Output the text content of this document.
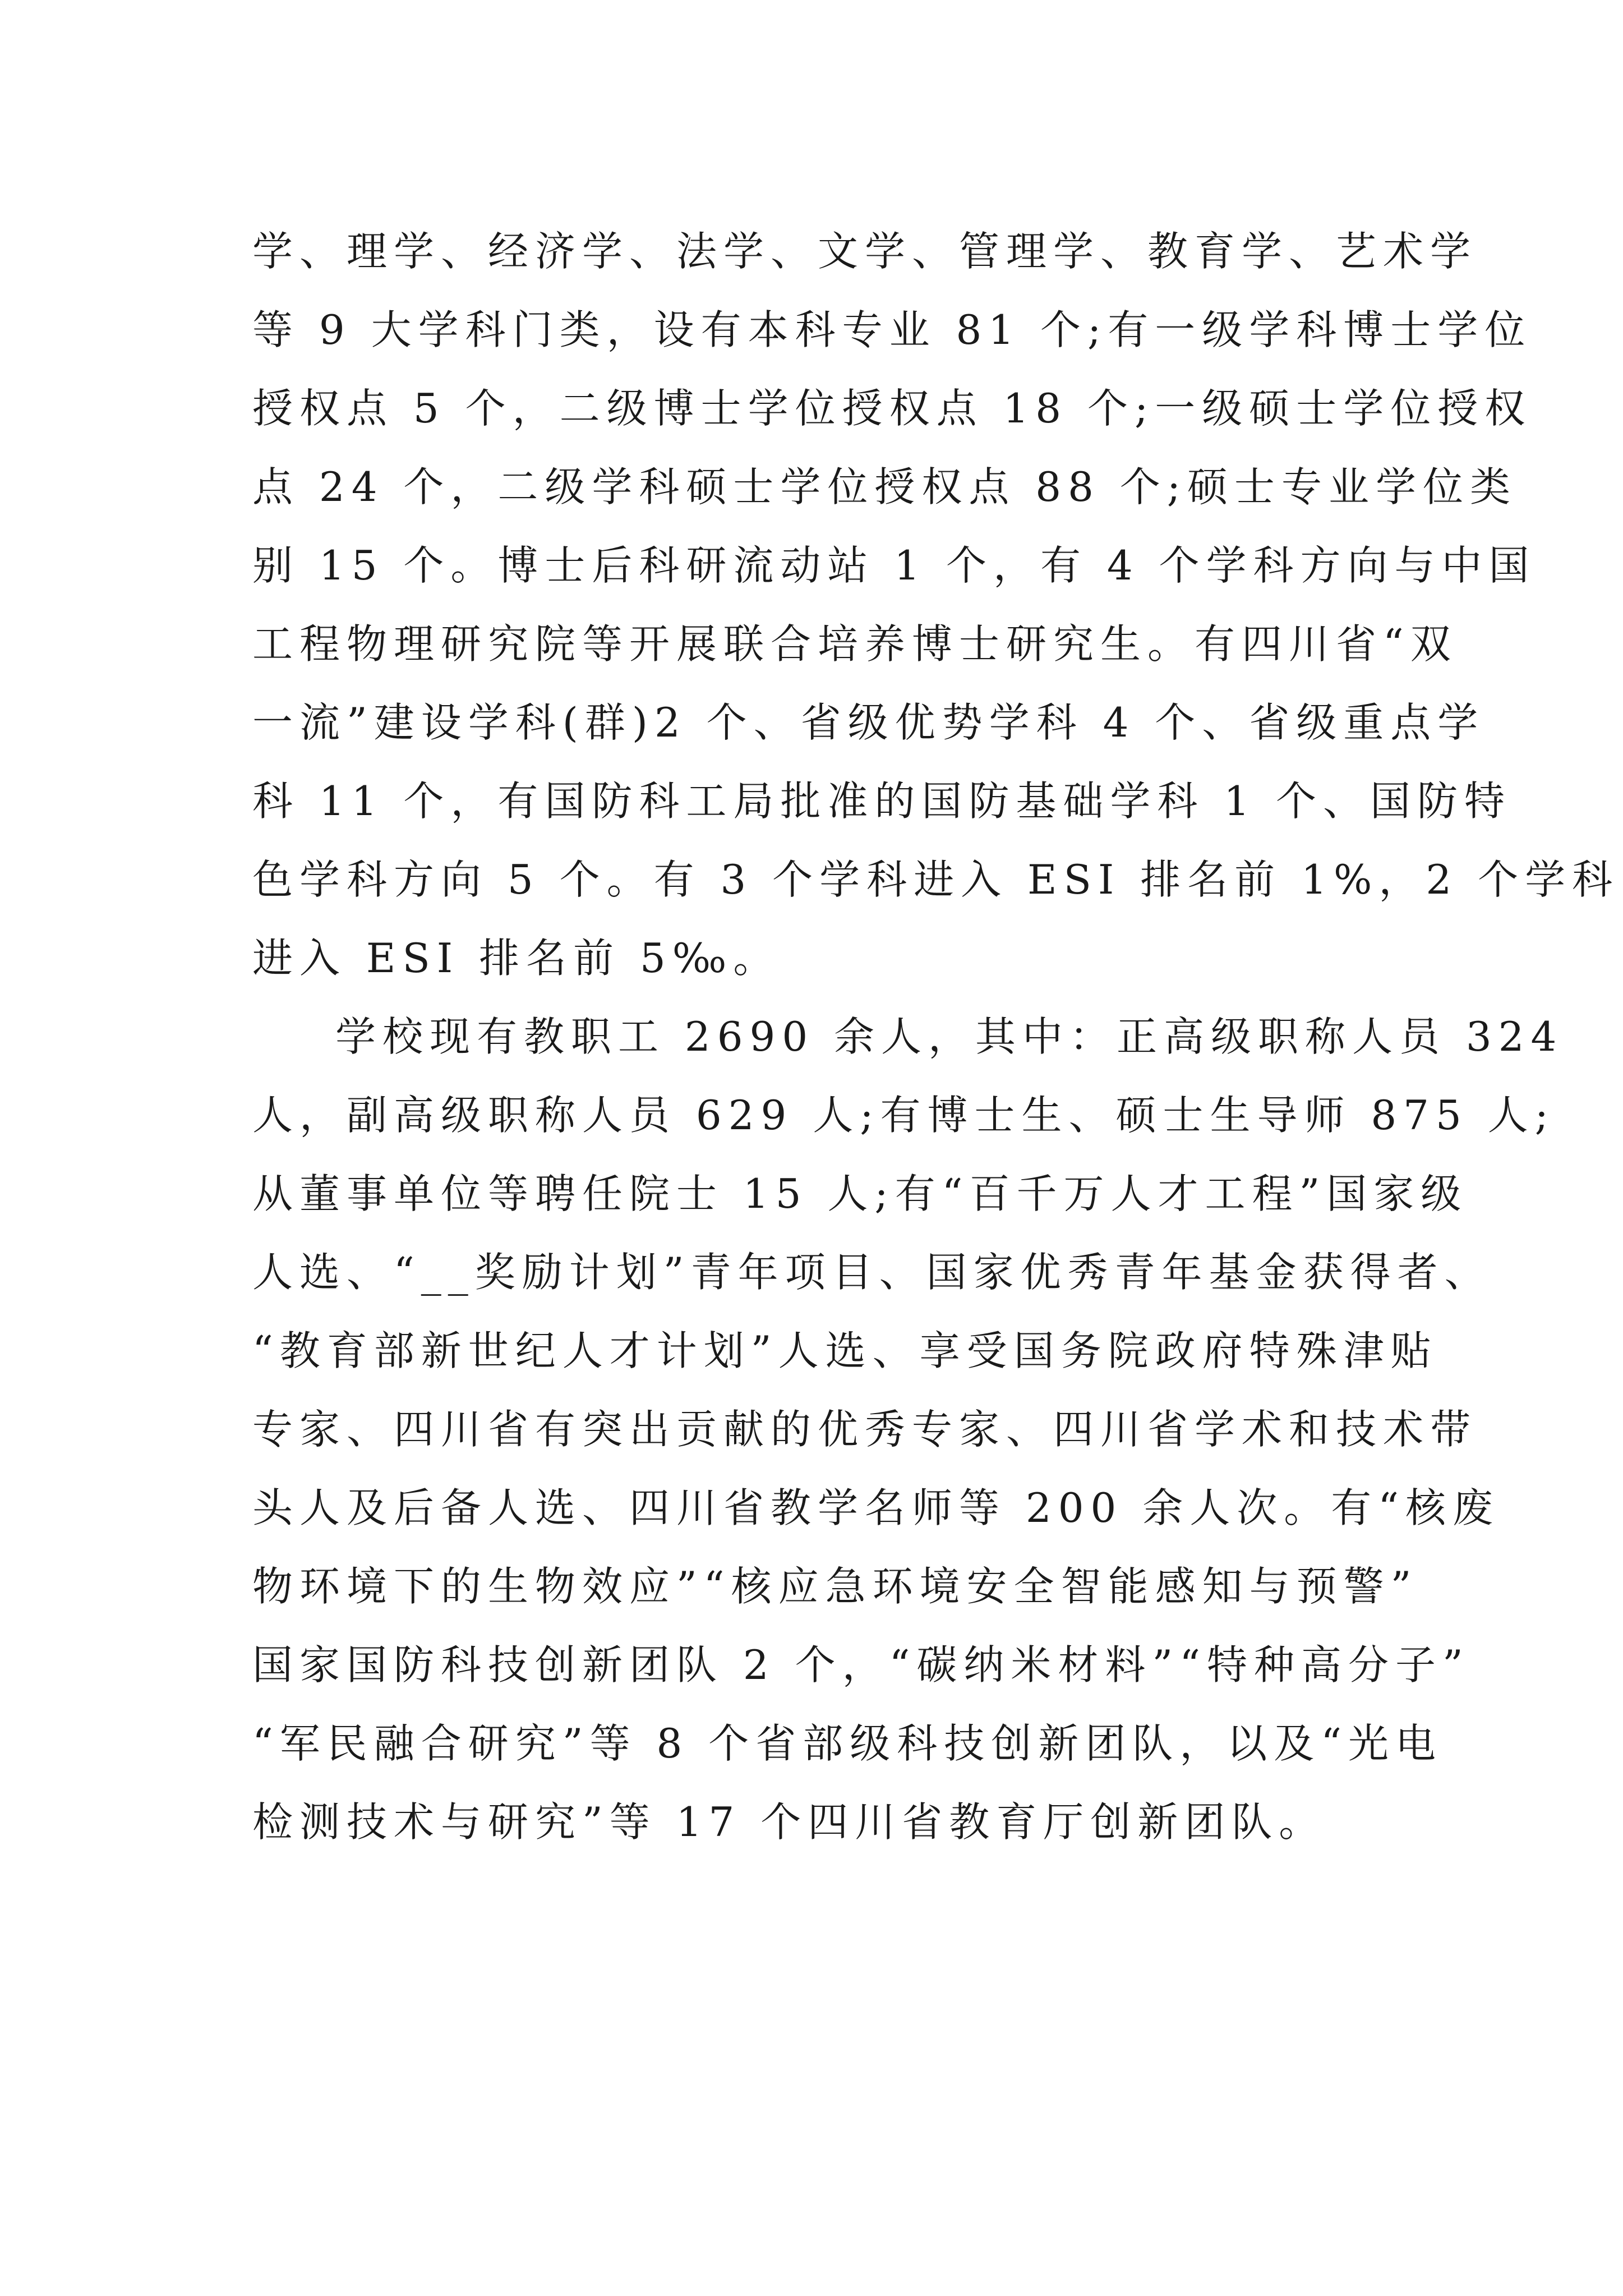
学、理学、经济学、法学、文学、管理学、教育学、艺术学
等 9 大学科门类，设有本科专业 81 个;有一级学科博士学位
授权点 5 个，二级博士学位授权点 18 个;一级硕士学位授权
点 24 个，二级学科硕士学位授权点 88 个;硕士专业学位类
别 15 个。博士后科研流动站 1 个，有 4 个学科方向与中国
工程物理研究院等开展联合培养博士研究生。有四川省“双
一流”建设学科(群)2 个、省级优势学科 4 个、省级重点学
科 11 个，有国防科工局批准的国防基础学科 1 个、国防特
色学科方向 5 个。有 3 个学科进入 ESI 排名前 1%，2 个学科
进入 ESI 排名前 5‰。
学校现有教职工 2690 余人，其中：正高级职称人员 324
人，副高级职称人员 629 人;有博士生、硕士生导师 875 人;
从董事单位等聘任院士 15 人;有“百千万人才工程”国家级
人选、“__奖励计划”青年项目、国家优秀青年基金获得者、
“教育部新世纪人才计划”人选、享受国务院政府特殊津贴
专家、四川省有突出贡献的优秀专家、四川省学术和技术带
头人及后备人选、四川省教学名师等 200 余人次。有“核废
物环境下的生物效应”“核应急环境安全智能感知与预警”
国家国防科技创新团队 2 个，“碳纳米材料”“特种高分子”
“军民融合研究”等 8 个省部级科技创新团队，以及“光电
检测技术与研究”等 17 个四川省教育厅创新团队。
